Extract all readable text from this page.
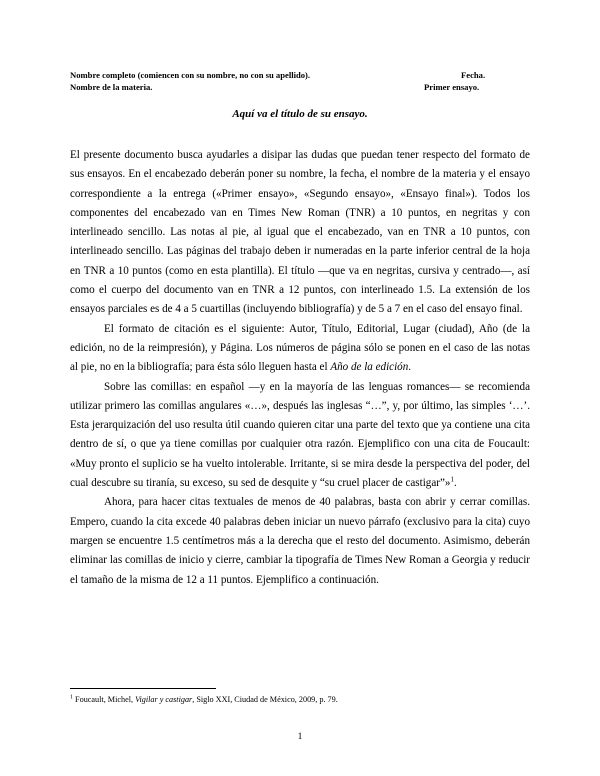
Nombre completo (comiencen con su nombre, no con su apellido).	Fecha.
Nombre de la materia.	Primer ensayo.
Aquí va el título de su ensayo.

El presente documento busca ayudarles a disipar las dudas que puedan tener respecto del formato de sus ensayos. En el encabezado deberán poner su nombre, la fecha, el nombre de la materia y el ensayo correspondiente a la entrega («Primer ensayo», «Segundo ensayo», «Ensayo final»). Todos los componentes del encabezado van en Times New Roman (TNR) a 10 puntos, en negritas y con interlineado sencillo. Las notas al pie, al igual que el encabezado, van en TNR a 10 puntos, con interlineado sencillo. Las páginas del trabajo deben ir numeradas en la parte inferior central de la hoja en TNR a 10 puntos (como en esta plantilla). El título —que va en negritas, cursiva y centrado—, así como el cuerpo del documento van en TNR a 12 puntos, con interlineado 1.5. La extensión de los ensayos parciales es de 4 a 5 cuartillas (incluyendo bibliografía) y de 5 a 7 en el caso del ensayo final.

El formato de citación es el siguiente: Autor, Título, Editorial, Lugar (ciudad), Año (de la edición, no de la reimpresión), y Página. Los números de página sólo se ponen en el caso de las notas al pie, no en la bibliografía; para ésta sólo lleguen hasta el Año de la edición.

Sobre las comillas: en español —y en la mayoría de las lenguas romances— se recomienda utilizar primero las comillas angulares «…», después las inglesas “…”, y, por último, las simples ‘…’. Esta jerarquización del uso resulta útil cuando quieren citar una parte del texto que ya contiene una cita dentro de sí, o que ya tiene comillas por cualquier otra razón. Ejemplifico con una cita de Foucault: «Muy pronto el suplicio se ha vuelto intolerable. Irritante, si se mira desde la perspectiva del poder, del cual descubre su tiranía, su exceso, su sed de desquite y “su cruel placer de castigar”»$^1$.

Ahora, para hacer citas textuales de menos de 40 palabras, basta con abrir y cerrar comillas. Empero, cuando la cita excede 40 palabras deben iniciar un nuevo párrafo (exclusivo para la cita) cuyo margen se encuentre 1.5 centímetros más a la derecha que el resto del documento. Asimismo, deberán eliminar las comillas de inicio y cierre, cambiar la tipografía de Times New Roman a Georgia y reducir el tamaño de la misma de 12 a 11 puntos. Ejemplifico a continuación.

$^1$ Foucault, Michel, Vigilar y castigar, Siglo XXI, Ciudad de México, 2009, p. 79.
1
